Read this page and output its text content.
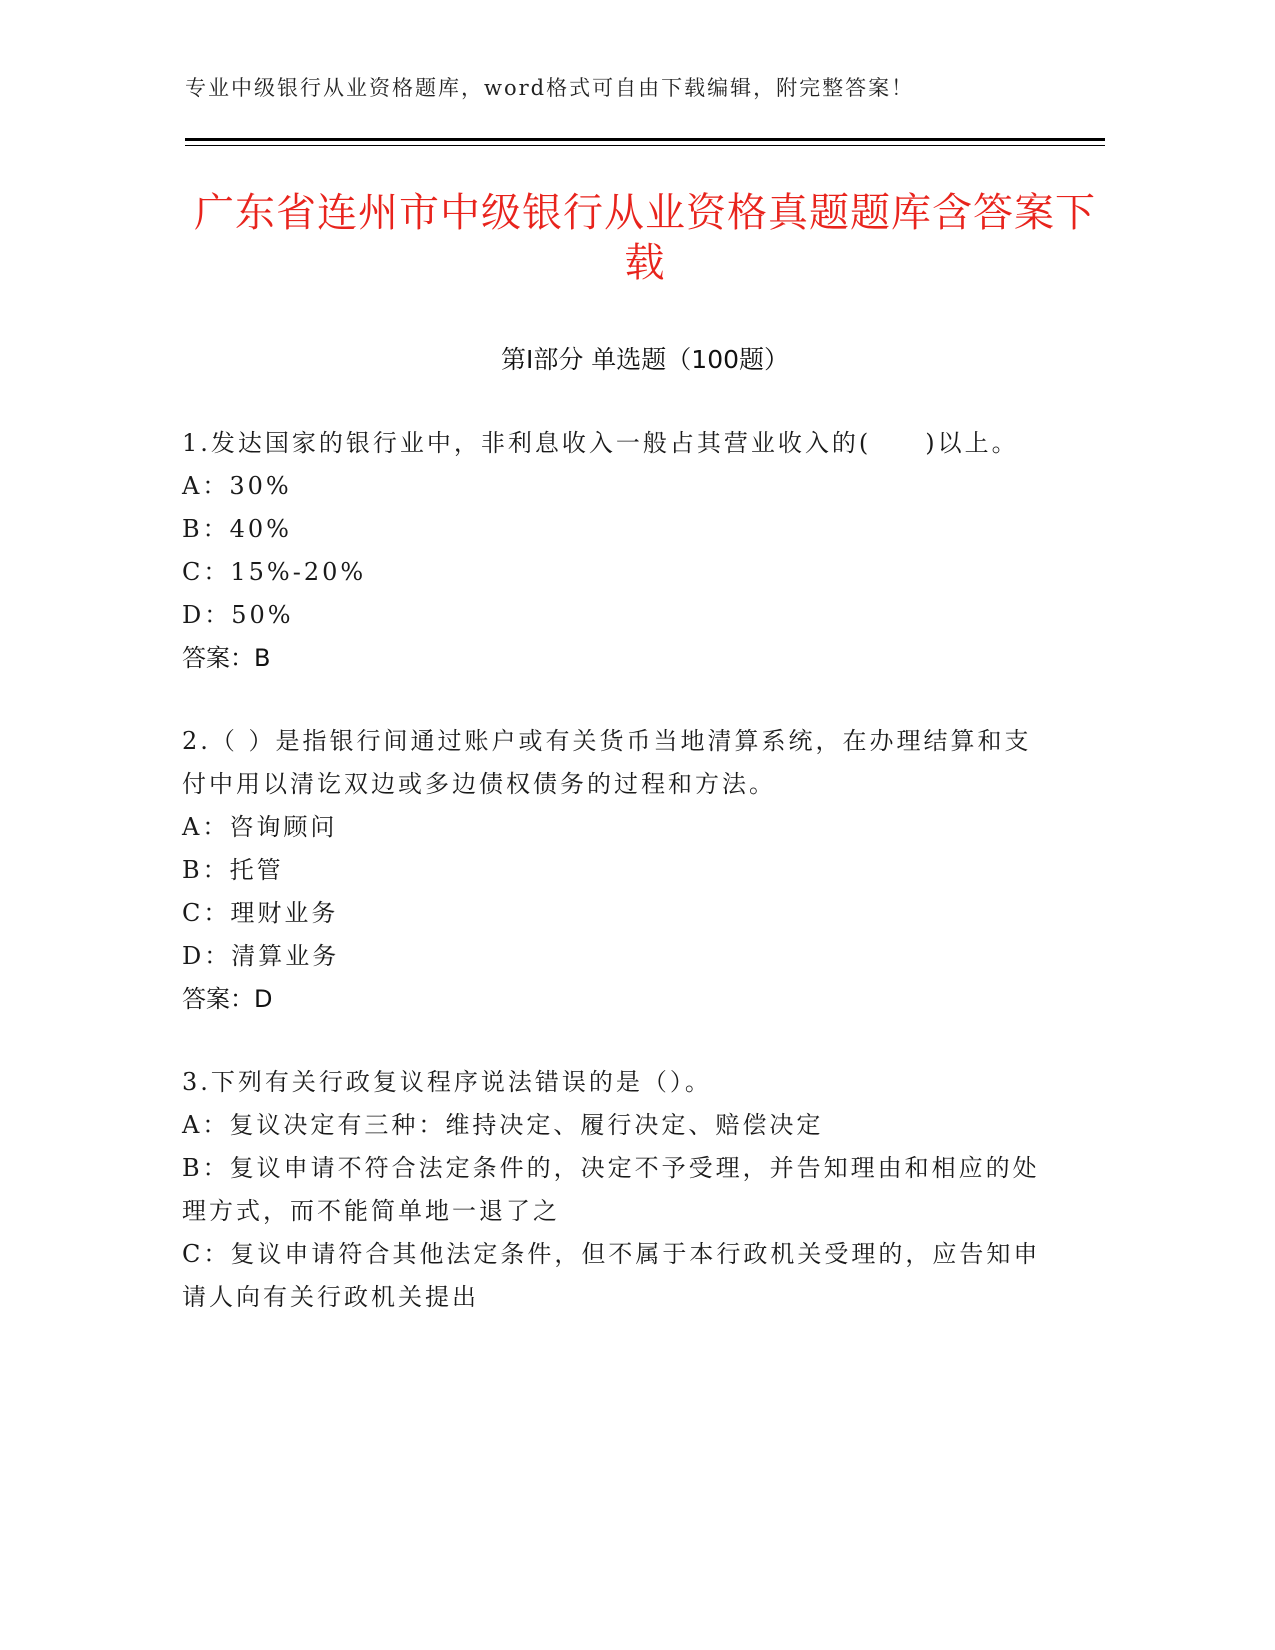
专业中级银行从业资格题库，word格式可自由下载编辑，附完整答案！
广东省连州市中级银行从业资格真题题库含答案下载
第Ⅰ部分 单选题（100题）

1.发达国家的银行业中，非利息收入一般占其营业收入的(　　)以上。

A：30%

B：40%

C：15%-20%

D：50%

答案：B

2.（ ）是指银行间通过账户或有关货币当地清算系统，在办理结算和支付中用以清讫双边或多边债权债务的过程和方法。

A：咨询顾问

B：托管

C：理财业务

D：清算业务

答案：D

3.下列有关行政复议程序说法错误的是（）。

A：复议决定有三种：维持决定、履行决定、赔偿决定

B：复议申请不符合法定条件的，决定不予受理，并告知理由和相应的处理方式，而不能简单地一退了之

C：复议申请符合其他法定条件，但不属于本行政机关受理的，应告知申请人向有关行政机关提出
